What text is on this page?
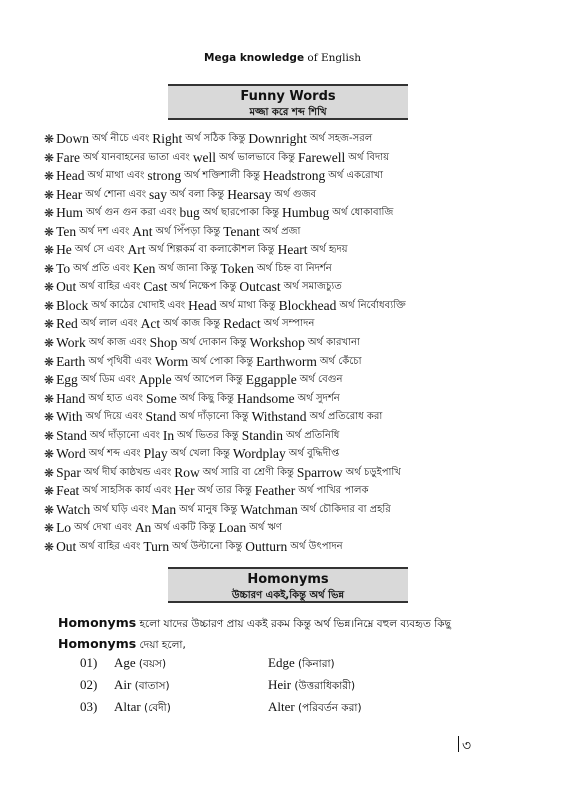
Mega knowledge of English
Funny Words
মজ্জা করে শব্দ শিখি
❋ Down অর্থ নীচে এবং Right অর্থ সঠিক কিন্তু Downright অর্থ সহজ-সরল
❋ Fare অর্থ যানবাহনের ভাতা এবং well অর্থ ভালভাবে কিন্তু Farewell অর্থ বিদায়
❋ Head অর্থ মাথা এবং strong অর্থ শক্তিশালী কিন্তু Headstrong অর্থ একরোখা
❋ Hear অর্থ শোনা এবং say অর্থ বলা কিন্তু Hearsay অর্থ গুজব
❋ Hum অর্থ গুন গুন করা এবং bug অর্থ ছারপোকা কিন্তু Humbug অর্থ ধোকাবাজি
❋ Ten অর্থ দশ এবং Ant অর্থ পিঁপড়া কিন্তু Tenant অর্থ প্রজা
❋ He অর্থ সে এবং Art অর্থ শিল্পকর্ম বা কলাকৌশল কিন্তু Heart অর্থ হৃদয়
❋ To অর্থ প্রতি এবং Ken অর্থ জানা কিন্তু Token অর্থ চিহ্ন বা নিদর্শন
❋ Out অর্থ বাহির এবং Cast অর্থ নিক্ষেপ কিন্তু Outcast অর্থ সমাজচ্যুত
❋ Block অর্থ কাঠের খোদাই এবং Head অর্থ মাথা কিন্তু Blockhead অর্থ নির্বোধব্যক্তি
❋ Red অর্থ লাল এবং Act অর্থ কাজ কিন্তু Redact অর্থ সম্পাদন
❋ Work অর্থ কাজ এবং Shop অর্থ দোকান কিন্তু Workshop অর্থ কারখানা
❋ Earth অর্থ পৃথিবী এবং Worm অর্থ পোকা কিন্তু Earthworm অর্থ কেঁচো
❋ Egg অর্থ ডিম এবং Apple অর্থ আপেল কিন্তু Eggapple অর্থ বেগুন
❋ Hand অর্থ হাত এবং Some অর্থ কিছু কিন্তু Handsome অর্থ সুদর্শন
❋ With অর্থ দিয়ে এবং Stand অর্থ দাঁড়ানো কিন্তু Withstand অর্থ প্রতিরোধ করা
❋ Stand অর্থ দাঁড়ানো এবং In অর্থ ভিতর কিন্তু Standin অর্থ প্রতিনিধি
❋ Word অর্থ শব্দ এবং Play অর্থ খেলা কিন্তু Wordplay অর্থ বুদ্ধিদীপ্ত
❋ Spar অর্থ দীর্ঘ কাষ্ঠখন্ড এবং Row অর্থ সারি বা শ্রেণী কিন্তু Sparrow অর্থ চড়ুইপাখি
❋ Feat অর্থ সাহসিক কার্য এবং Her অর্থ তার কিন্তু Feather অর্থ পাখির পালক
❋ Watch অর্থ ঘড়ি এবং Man অর্থ মানুষ কিন্তু Watchman অর্থ চৌকিদার বা প্রহরি
❋ Lo অর্থ দেখা এবং An অর্থ একটি কিন্তু Loan অর্থ ঋণ
❋ Out অর্থ বাহির এবং Turn অর্থ উল্টানো কিন্তু Outturn অর্থ উৎপাদন
Homonyms
উচ্চারণ একই,কিন্তু অর্থ ভিন্ন
Homonyms হলো যাদের উচ্চারণ প্রায় একই রকম কিন্তু অর্থ ভিন্ন।নিম্নে বহুল ব্যবহৃত কিছু
Homonyms দেয়া হলো,
01)	Age (বয়স)	Edge (কিনারা)
02)	Air (বাতাস)	Heir (উত্তরাধিকারী)
03)	Altar (বেদী)	Alter (পরিবর্তন করা)
৩
